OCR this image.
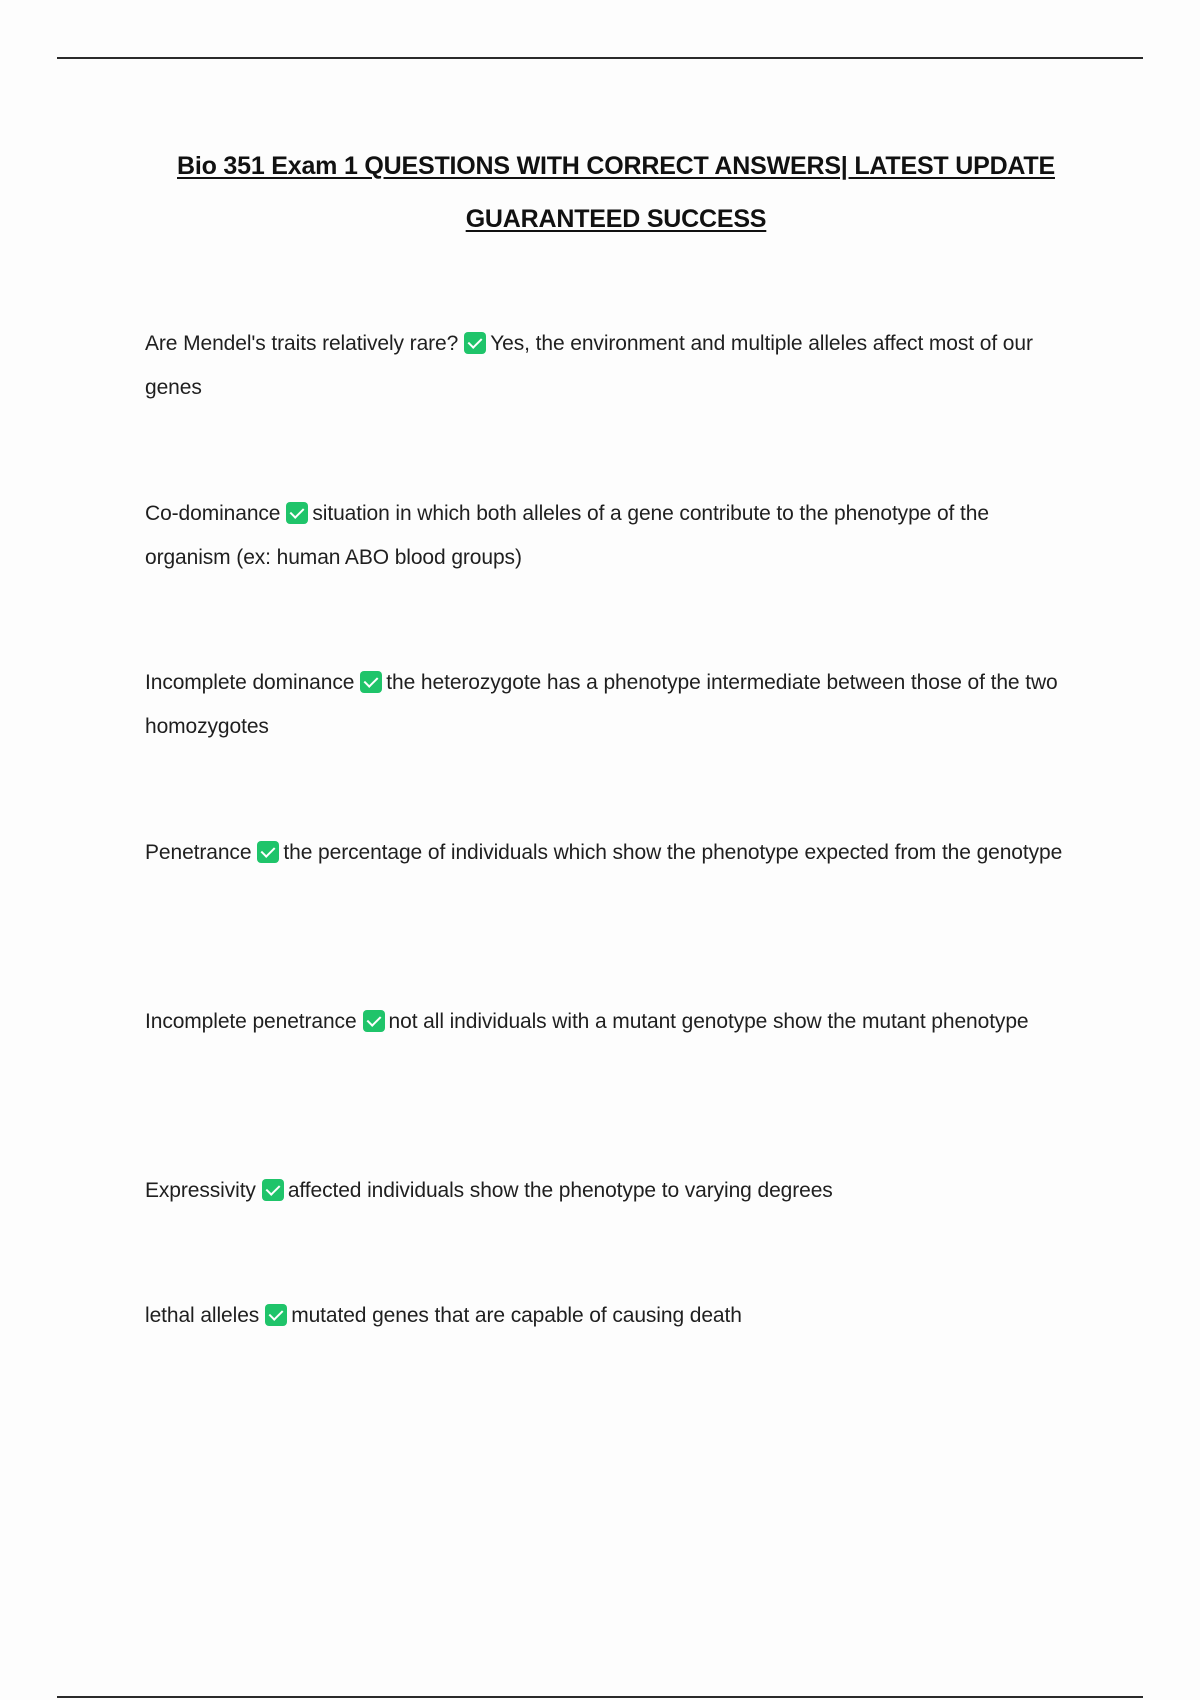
Bio 351 Exam 1 QUESTIONS WITH CORRECT ANSWERS| LATEST UPDATE
GUARANTEED SUCCESS
Are Mendel's traits relatively rare? Yes, the environment and multiple alleles affect most of our genes
Co-dominance situation in which both alleles of a gene contribute to the phenotype of the organism (ex: human ABO blood groups)
Incomplete dominance the heterozygote has a phenotype intermediate between those of the two homozygotes
Penetrance the percentage of individuals which show the phenotype expected from the genotype
Incomplete penetrance not all individuals with a mutant genotype show the mutant phenotype
Expressivity affected individuals show the phenotype to varying degrees
lethal alleles mutated genes that are capable of causing death
